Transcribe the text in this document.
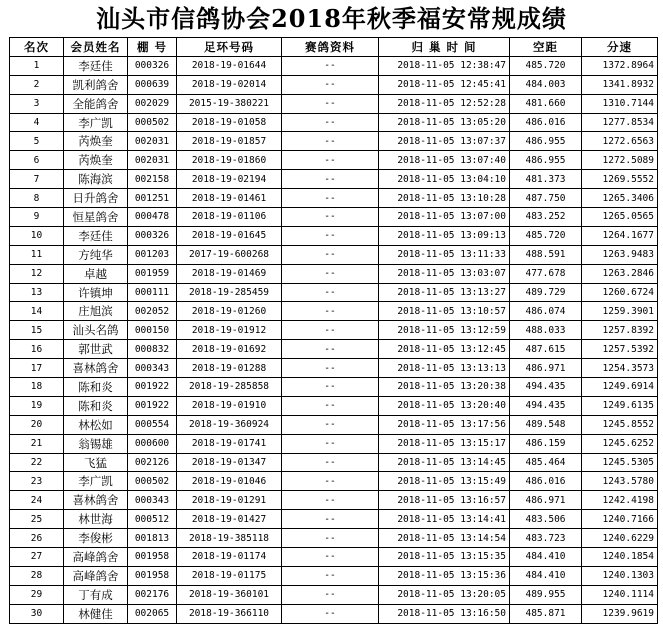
汕头市信鸽协会2018年秋季福安常规成绩
名次	会员姓名	棚 号	足环号码	赛鸽资料	归 巢 时 间	空距	分速
1	李廷佳	000326	2018-19-01644	--	2018-11-05 12:38:47	485.720	1372.8964
2	凯利鸽舍	000639	2018-19-02014	--	2018-11-05 12:45:41	484.003	1341.8932
3	全能鸽舍	002029	2015-19-380221	--	2018-11-05 12:52:28	481.660	1310.7144
4	李广凯	000502	2018-19-01058	--	2018-11-05 13:05:20	486.016	1277.8534
5	芮焕奎	002031	2018-19-01857	--	2018-11-05 13:07:37	486.955	1272.6563
6	芮焕奎	002031	2018-19-01860	--	2018-11-05 13:07:40	486.955	1272.5089
7	陈海滨	002158	2018-19-02194	--	2018-11-05 13:04:10	481.373	1269.5552
8	日升鸽舍	001251	2018-19-01461	--	2018-11-05 13:10:28	487.750	1265.3406
9	恒星鸽舍	000478	2018-19-01106	--	2018-11-05 13:07:00	483.252	1265.0565
10	李廷佳	000326	2018-19-01645	--	2018-11-05 13:09:13	485.720	1264.1677
11	方纯华	001203	2017-19-600268	--	2018-11-05 13:11:33	488.591	1263.9483
12	卓越	001959	2018-19-01469	--	2018-11-05 13:03:07	477.678	1263.2846
13	许镇坤	000111	2018-19-285459	--	2018-11-05 13:13:27	489.729	1260.6724
14	庄旭滨	002052	2018-19-01260	--	2018-11-05 13:10:57	486.074	1259.3901
15	汕头名鸽	000150	2018-19-01912	--	2018-11-05 13:12:59	488.033	1257.8392
16	郭世武	000832	2018-19-01692	--	2018-11-05 13:12:45	487.615	1257.5392
17	喜林鸽舍	000343	2018-19-01288	--	2018-11-05 13:13:13	486.971	1254.3573
18	陈和炎	001922	2018-19-285858	--	2018-11-05 13:20:38	494.435	1249.6914
19	陈和炎	001922	2018-19-01910	--	2018-11-05 13:20:40	494.435	1249.6135
20	林松如	000554	2018-19-360924	--	2018-11-05 13:17:56	489.548	1245.8552
21	翁锡雄	000600	2018-19-01741	--	2018-11-05 13:15:17	486.159	1245.6252
22	飞猛	002126	2018-19-01347	--	2018-11-05 13:14:45	485.464	1245.5305
23	李广凯	000502	2018-19-01046	--	2018-11-05 13:15:49	486.016	1243.5780
24	喜林鸽舍	000343	2018-19-01291	--	2018-11-05 13:16:57	486.971	1242.4198
25	林世海	000512	2018-19-01427	--	2018-11-05 13:14:41	483.506	1240.7166
26	李俊彬	001813	2018-19-385118	--	2018-11-05 13:14:54	483.723	1240.6229
27	高峰鸽舍	001958	2018-19-01174	--	2018-11-05 13:15:35	484.410	1240.1854
28	高峰鸽舍	001958	2018-19-01175	--	2018-11-05 13:15:36	484.410	1240.1303
29	丁有成	002176	2018-19-360101	--	2018-11-05 13:20:05	489.955	1240.1114
30	林健佳	002065	2018-19-366110	--	2018-11-05 13:16:50	485.871	1239.9619
